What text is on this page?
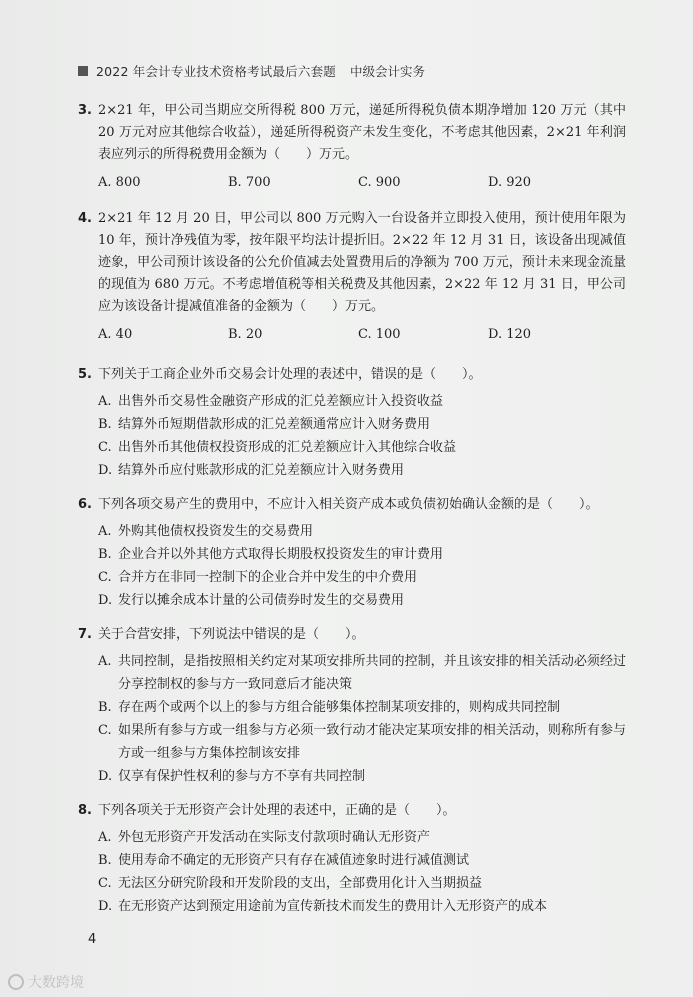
2022 年会计专业技术资格考试最后六套题 中级会计实务
3. 2×21 年，甲公司当期应交所得税 800 万元，递延所得税负债本期净增加 120 万元（其中 20 万元对应其他综合收益），递延所得税资产未发生变化，不考虑其他因素，2×21 年利润表应列示的所得税费用金额为（　　）万元。
A. 800	B. 700	C. 900	D. 920
4. 2×21 年 12 月 20 日，甲公司以 800 万元购入一台设备并立即投入使用，预计使用年限为 10 年，预计净残值为零，按年限平均法计提折旧。2×22 年 12 月 31 日，该设备出现减值迹象，甲公司预计该设备的公允价值减去处置费用后的净额为 700 万元，预计未来现金流量的现值为 680 万元。不考虑增值税等相关税费及其他因素，2×22 年 12 月 31 日，甲公司应为该设备计提减值准备的金额为（　　）万元。
A. 40	B. 20	C. 100	D. 120
5. 下列关于工商企业外币交易会计处理的表述中，错误的是（　　）。
A. 出售外币交易性金融资产形成的汇兑差额应计入投资收益
B. 结算外币短期借款形成的汇兑差额通常应计入财务费用
C. 出售外币其他债权投资形成的汇兑差额应计入其他综合收益
D. 结算外币应付账款形成的汇兑差额应计入财务费用
6. 下列各项交易产生的费用中，不应计入相关资产成本或负债初始确认金额的是（　　）。
A. 外购其他债权投资发生的交易费用
B. 企业合并以外其他方式取得长期股权投资发生的审计费用
C. 合并方在非同一控制下的企业合并中发生的中介费用
D. 发行以摊余成本计量的公司债券时发生的交易费用
7. 关于合营安排，下列说法中错误的是（　　）。
A. 共同控制，是指按照相关约定对某项安排所共同的控制，并且该安排的相关活动必须经过分享控制权的参与方一致同意后才能决策
B. 存在两个或两个以上的参与方组合能够集体控制某项安排的，则构成共同控制
C. 如果所有参与方或一组参与方必须一致行动才能决定某项安排的相关活动，则称所有参与方或一组参与方集体控制该安排
D. 仅享有保护性权利的参与方不享有共同控制
8. 下列各项关于无形资产会计处理的表述中，正确的是（　　）。
A. 外包无形资产开发活动在实际支付款项时确认无形资产
B. 使用寿命不确定的无形资产只有存在减值迹象时进行减值测试
C. 无法区分研究阶段和开发阶段的支出，全部费用化计入当期损益
D. 在无形资产达到预定用途前为宣传新技术而发生的费用计入无形资产的成本
4
大数跨境
